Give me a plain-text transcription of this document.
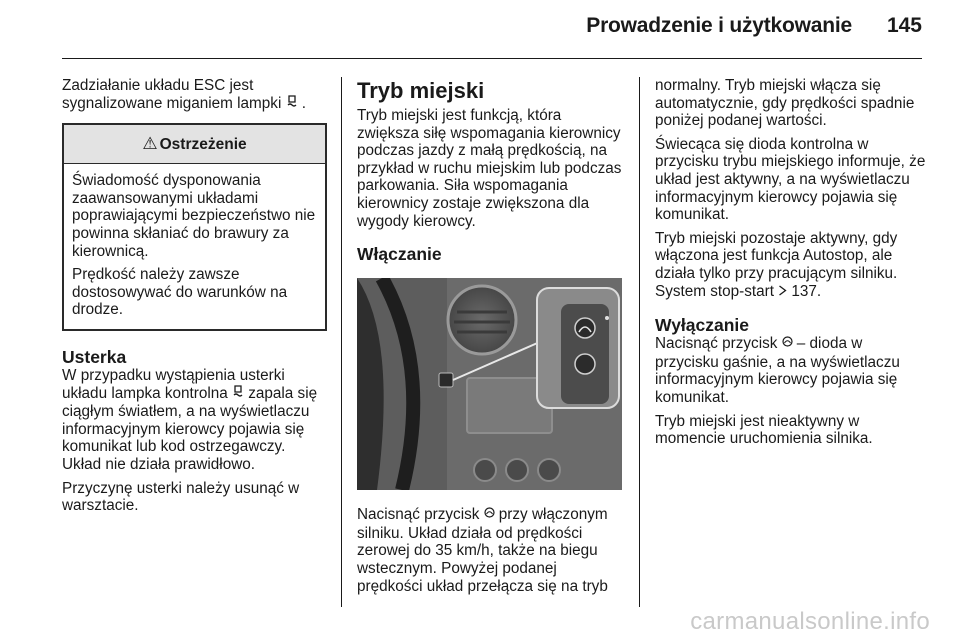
Prowadzenie i użytkowanie 145

Zadziałanie układu ESC jest sygnalizowane miganiem lampki .

⚠ Ostrzeżenie

Świadomość dysponowania zaawansowanymi układami poprawiającymi bezpieczeństwo nie powinna skłaniać do brawury za kierownicą.

Prędkość należy zawsze dostosowywać do warunków na drodze.

Usterka

W przypadku wystąpienia usterki układu lampka kontrolna zapala się ciągłym światłem, a na wyświetlaczu informacyjnym kierowcy pojawia się komunikat lub kod ostrzegawczy. Układ nie działa prawidłowo.

Przyczynę usterki należy usunąć w warsztacie.

Tryb miejski

Tryb miejski jest funkcją, która zwiększa siłę wspomagania kierownicy podczas jazdy z małą prędkością, na przykład w ruchu miejskim lub podczas parkowania. Siła wspomagania kierownicy zostaje zwiększona dla wygody kierowcy.

Włączanie

Nacisnąć przycisk przy włączonym silniku. Układ działa od prędkości zerowej do 35 km/h, także na biegu wstecznym. Powyżej podanej prędkości układ przełącza się na tryb

normalny. Tryb miejski włącza się automatycznie, gdy prędkości spadnie poniżej podanej wartości.

Świecąca się dioda kontrolna w przycisku trybu miejskiego informuje, że układ jest aktywny, a na wyświetlaczu informacyjnym kierowcy pojawia się komunikat.

Tryb miejski pozostaje aktywny, gdy włączona jest funkcja Autostop, ale działa tylko przy pracującym silniku. System stop-start 137.

Wyłączanie

Nacisnąć przycisk – dioda w przycisku gaśnie, a na wyświetlaczu informacyjnym kierowcy pojawia się komunikat.

Tryb miejski jest nieaktywny w momencie uruchomienia silnika.

carmanualsonline.info
